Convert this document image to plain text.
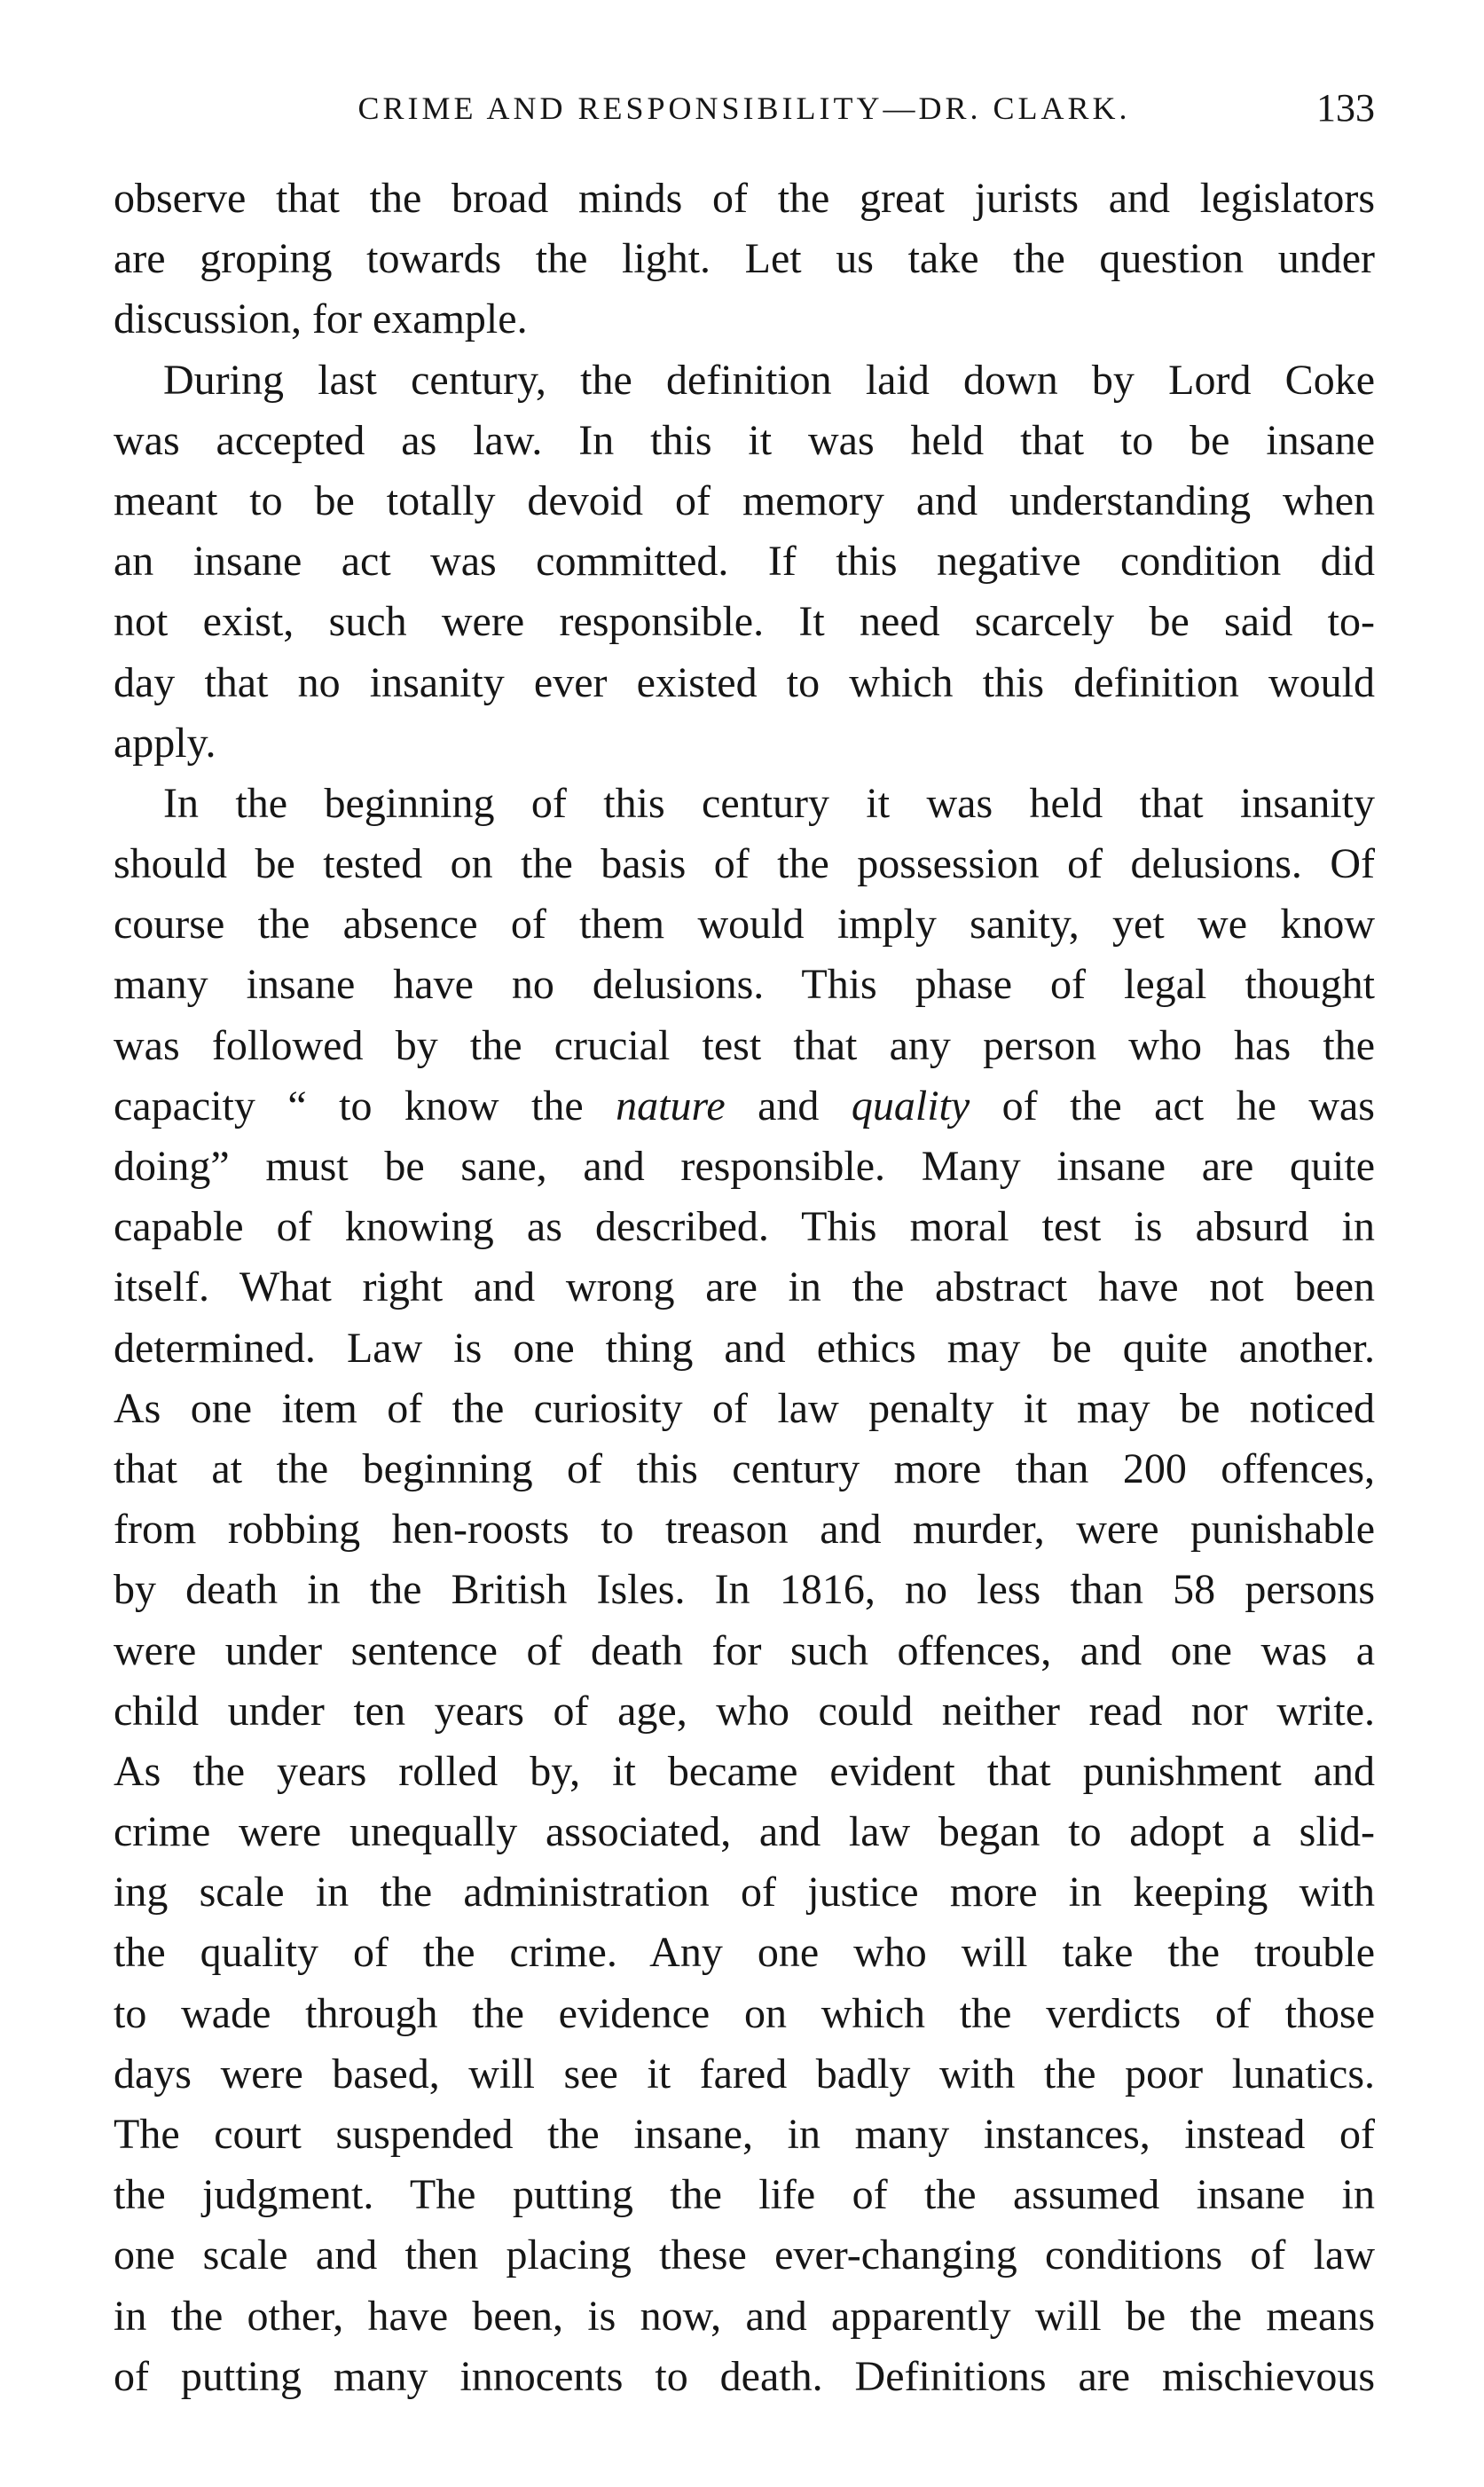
CRIME AND RESPONSIBILITY—DR. CLARK.	133
observe that the broad minds of the great jurists and legislators
are groping towards the light. Let us take the question under
discussion, for example.
During last century, the definition laid down by Lord Coke
was accepted as law. In this it was held that to be insane
meant to be totally devoid of memory and understanding when
an insane act was committed. If this negative condition did
not exist, such were responsible. It need scarcely be said to-
day that no insanity ever existed to which this definition would
apply.
In the beginning of this century it was held that insanity
should be tested on the basis of the possession of delusions. Of
course the absence of them would imply sanity, yet we know
many insane have no delusions. This phase of legal thought
was followed by the crucial test that any person who has the
capacity “ to know the nature and quality of the act he was
doing” must be sane, and responsible. Many insane are quite
capable of knowing as described. This moral test is absurd in
itself. What right and wrong are in the abstract have not been
determined. Law is one thing and ethics may be quite another.
As one item of the curiosity of law penalty it may be noticed
that at the beginning of this century more than 200 offences,
from robbing hen-roosts to treason and murder, were punishable
by death in the British Isles. In 1816, no less than 58 persons
were under sentence of death for such offences, and one was a
child under ten years of age, who could neither read nor write.
As the years rolled by, it became evident that punishment and
crime were unequally associated, and law began to adopt a slid-
ing scale in the administration of justice more in keeping with
the quality of the crime. Any one who will take the trouble
to wade through the evidence on which the verdicts of those
days were based, will see it fared badly with the poor lunatics.
The court suspended the insane, in many instances, instead of
the judgment. The putting the life of the assumed insane in
one scale and then placing these ever-changing conditions of law
in the other, have been, is now, and apparently will be the means
of putting many innocents to death. Definitions are mischievous
